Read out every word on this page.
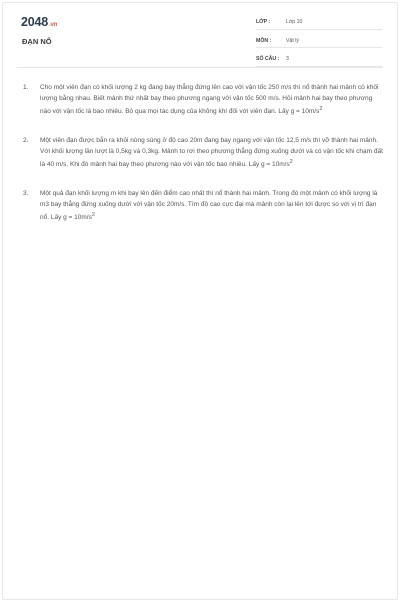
2048 .vn
ĐẠN NỔ
LỚP :	Lớp 10
MÔN :	Vật lý
SỐ CÂU :	3
1.	Cho một viên đạn có khối lượng 2 kg đang bay thẳng đứng lên cao với vận tốc 250 m/s thì nổ thành hai mảnh có khối lượng bằng nhau. Biết mảnh thứ nhất bay theo phương ngang với vận tốc 500 m/s. Hỏi mảnh hai bay theo phương nào với vận tốc là bao nhiêu. Bỏ qua mọi tác dụng của không khí đối với viên đạn. Lấy $g = 10m/s^2$
2.	Một viên đạn được bắn ra khỏi nòng súng ở độ cao 20m đang bay ngang với vận tốc 12,5 m/s thì vỡ thành hai mảnh. Với khối lượng lần lượt là 0,5kg và 0,3kg. Mảnh to rơi theo phương thẳng đứng xuống dưới và có vận tốc khi chạm đất là 40 m/s. Khi đó mảnh hai bay theo phương nào với vận tốc bao nhiêu. Lấy $g = 10m/s^2$
3.	Một quả đạn khối lượng m khi bay lên đến điểm cao nhất thì nổ thành hai mảnh. Trong đó một mảnh có khối lượng là m3 bay thẳng đứng xuống dưới với vận tốc 20m/s. Tìm độ cao cực đại mà mảnh còn lại lên tới được so với vị trí đạn nổ. Lấy $g = 10m/s^2$
